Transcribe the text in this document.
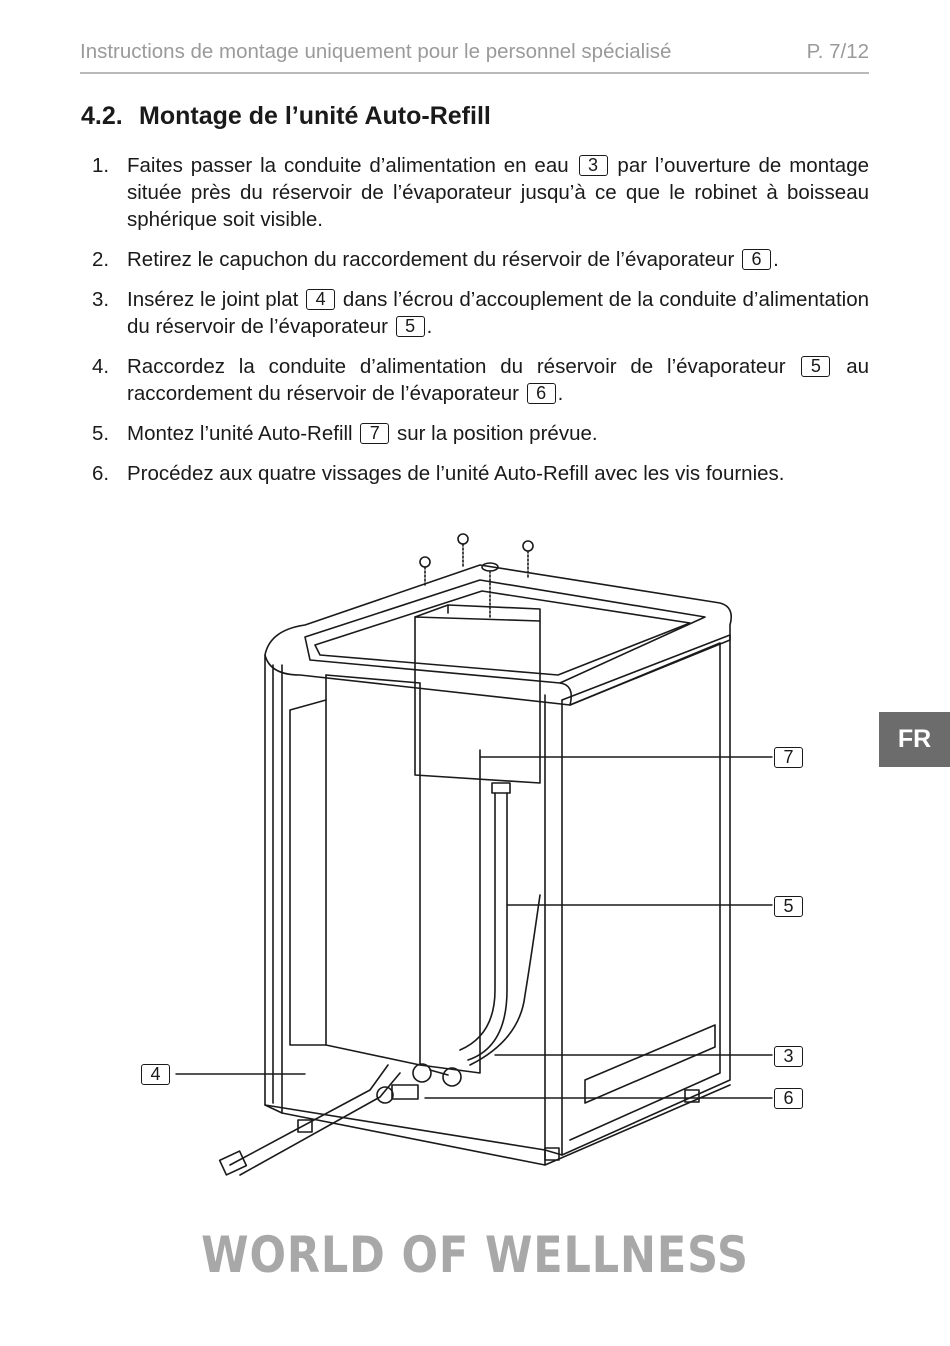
Instructions de montage uniquement pour le personnel spécialisé	P. 7/12
4.2. Montage de l’unité Auto-Refill
1. Faites passer la conduite d’alimentation en eau 3 par l’ouverture de montage située près du réservoir de l’évaporateur jusqu’à ce que le robinet à boisseau sphérique soit visible.
2. Retirez le capuchon du raccordement du réservoir de l’évaporateur 6 .
3. Insérez le joint plat 4 dans l’écrou d’accouplement de la conduite d’alimentation du réservoir de l’évaporateur 5 .
4. Raccordez la conduite d’alimentation du réservoir de l’évaporateur 5 au raccordement du réservoir de l’évaporateur 6 .
5. Montez l’unité Auto-Refill 7 sur la position prévue.
6. Procédez aux quatre vissages de l’unité Auto-Refill avec les vis fournies.
FR
7
5
3
6
4
WORLD OF WELLNESS
